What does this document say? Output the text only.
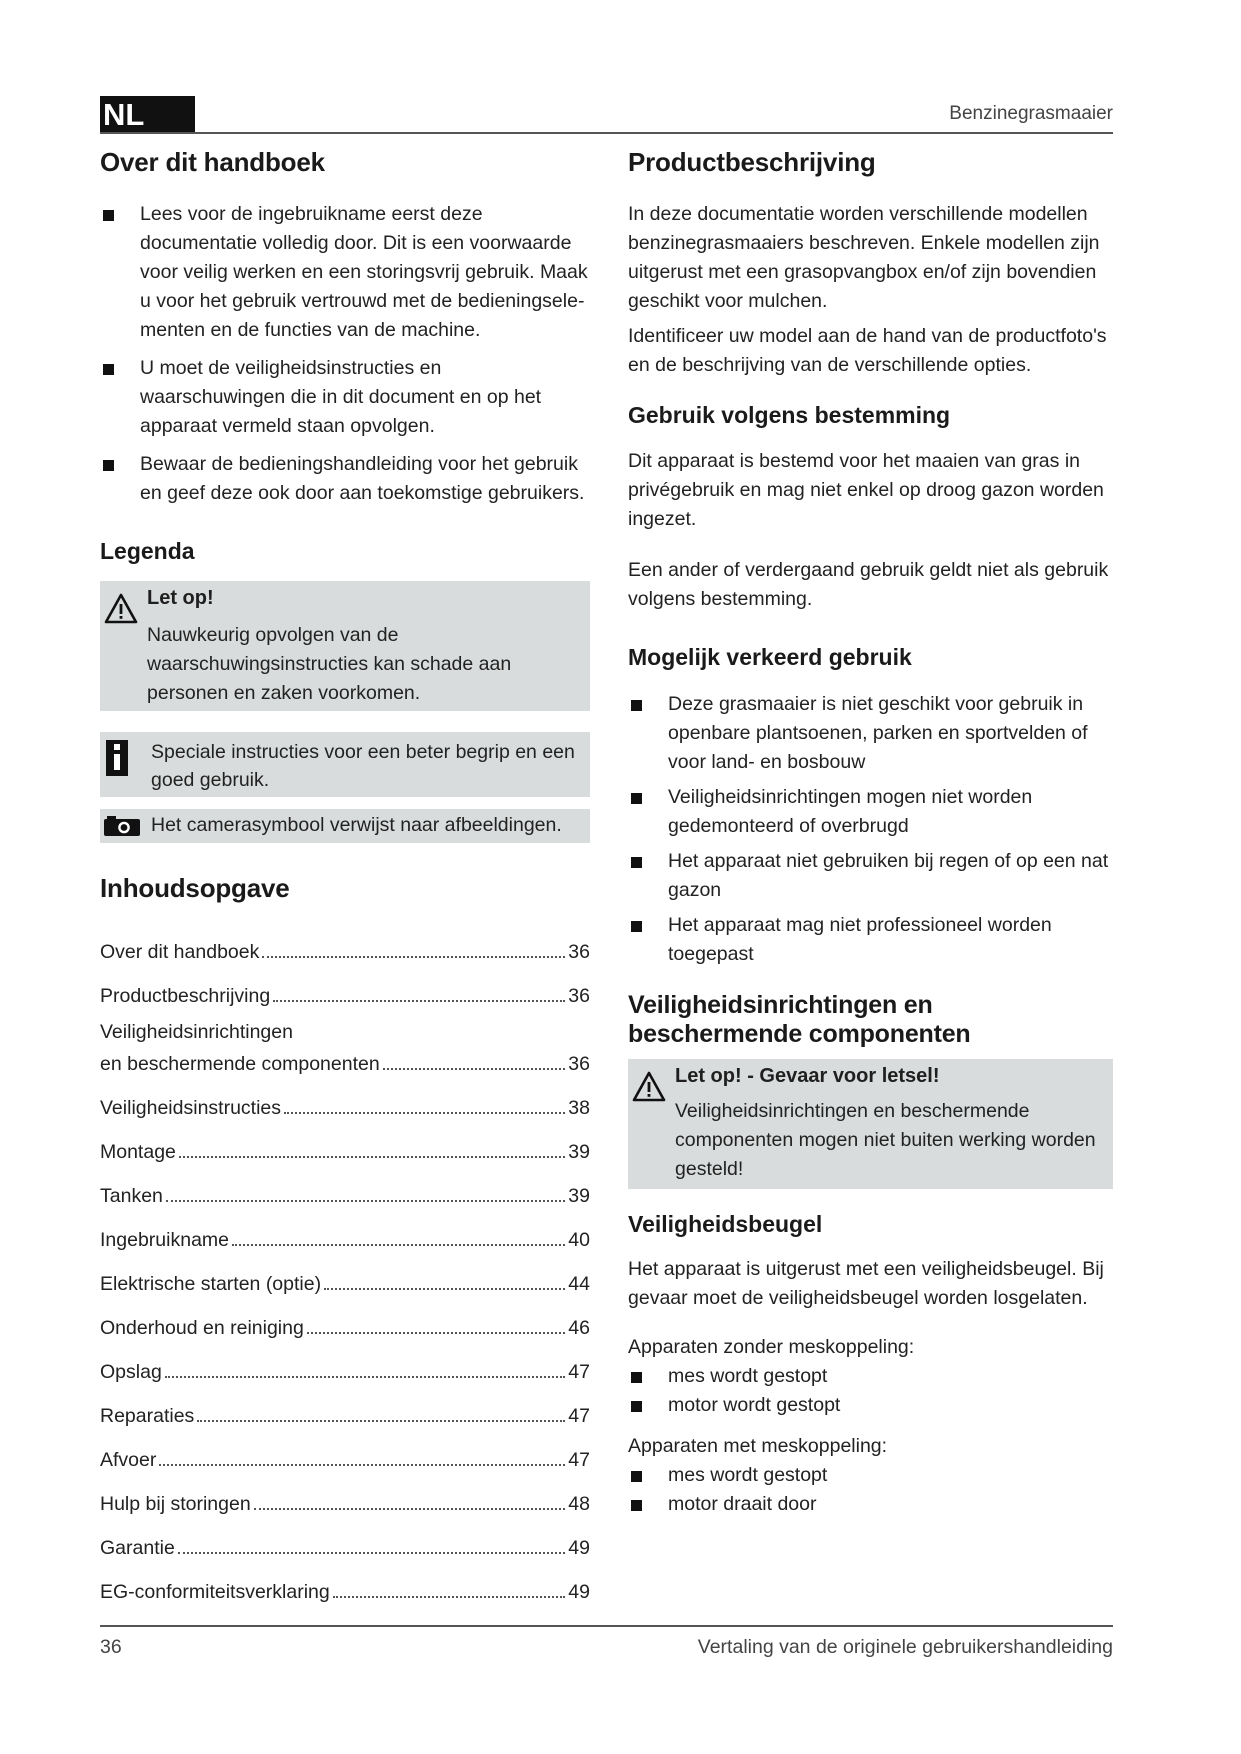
NL	Benzinegrasmaaier
Over dit handboek
Lees voor de ingebruikname eerst deze documentatie volledig door. Dit is een voorwaarde voor veilig werken en een storingsvrij gebruik. Maak u voor het gebruik vertrouwd met de bedieningselementen en de functies van de machine.
U moet de veiligheidsinstructies en waarschuwingen die in dit document en op het apparaat vermeld staan opvolgen.
Bewaar de bedieningshandleiding voor het gebruik en geef deze ook door aan toekomstige gebruikers.
Legenda
Let op!
Nauwkeurig opvolgen van de waarschuwingsinstructies kan schade aan personen en zaken voorkomen.
Speciale instructies voor een beter begrip en een goed gebruik.
Het camerasymbool verwijst naar afbeeldingen.
Inhoudsopgave
Over dit handboek	36
Productbeschrijving	36
Veiligheidsinrichtingen
en beschermende componenten	36
Veiligheidsinstructies	38
Montage	39
Tanken	39
Ingebruikname	40
Elektrische starten (optie)	44
Onderhoud en reiniging	46
Opslag	47
Reparaties	47
Afvoer	47
Hulp bij storingen	48
Garantie	49
EG-conformiteitsverklaring	49
Productbeschrijving

In deze documentatie worden verschillende modellen benzinegrasmaaiers beschreven. Enkele modellen zijn uitgerust met een grasopvangbox en/of zijn bovendien geschikt voor mulchen.

Identificeer uw model aan de hand van de productfoto's en de beschrijving van de verschillende opties.

Gebruik volgens bestemming

Dit apparaat is bestemd voor het maaien van gras in privégebruik en mag niet enkel op droog gazon worden ingezet.

Een ander of verdergaand gebruik geldt niet als gebruik volgens bestemming.

Mogelijk verkeerd gebruik
Deze grasmaaier is niet geschikt voor gebruik in openbare plantsoenen, parken en sportvelden of voor land- en bosbouw
Veiligheidsinrichtingen mogen niet worden gedemonteerd of overbrugd
Het apparaat niet gebruiken bij regen of op een nat gazon
Het apparaat mag niet professioneel worden toegepast
Veiligheidsinrichtingen en beschermende componenten
Let op! - Gevaar voor letsel!
Veiligheidsinrichtingen en beschermende componenten mogen niet buiten werking worden gesteld!
Veiligheidsbeugel

Het apparaat is uitgerust met een veiligheidsbeugel. Bij gevaar moet de veiligheidsbeugel worden losgelaten.

Apparaten zonder meskoppeling:

mes wordt gestopt
motor wordt gestopt

Apparaten met meskoppeling:

mes wordt gestopt
motor draait door
36	Vertaling van de originele gebruikershandleiding
